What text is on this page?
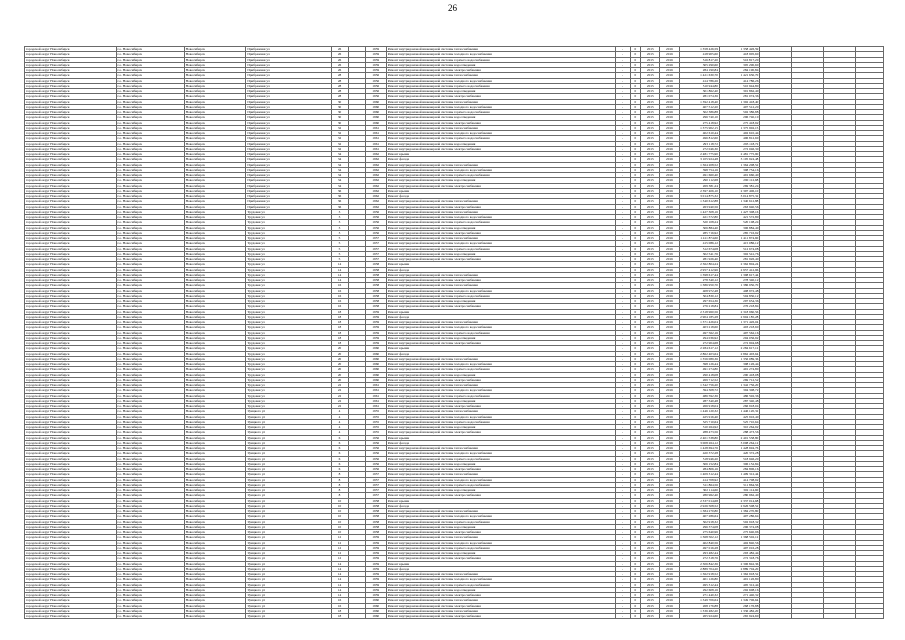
26
городской округ Новосибирск	г.о. Новосибирск	Новосибирск	Прибрежная ул	26		1959	Ремонт внутридомовой инженерной системы теплоснабжения	-	0	2015	2016	1 358 426,59	1 358 426,59				
городской округ Новосибирск	г.о. Новосибирск	Новосибирск	Прибрежная ул	26		1959	Ремонт внутридомовой инженерной системы холодного водоснабжения	-	0	2015	2016	418 905,60	418 905,60				
городской округ Новосибирск	г.о. Новосибирск	Новосибирск	Прибрежная ул	26		1959	Ремонт внутридомовой инженерной системы горячего водоснабжения	-	0	2015	2016	516 817,20	516 817,20				
городской округ Новосибирск	г.о. Новосибирск	Новосибирск	Прибрежная ул	26		1959	Ремонт внутридомовой инженерной системы водоотведения	-	0	2015	2016	305 290,60	305 290,60				
городской округ Новосибирск	г.о. Новосибирск	Новосибирск	Прибрежная ул	26		1959	Ремонт внутридомовой инженерной системы электроснабжения	-	0	2015	2016	284 190,84	284 190,84				
городской округ Новосибирск	г.о. Новосибирск	Новосибирск	Прибрежная ул	28		1956	Ремонт внутридомовой инженерной системы теплоснабжения	-	0	2015	2016	1 421 630,70	1 421 630,70				
городской округ Новосибирск	г.о. Новосибирск	Новосибирск	Прибрежная ул	28		1956	Ремонт внутридомовой инженерной системы холодного водоснабжения	-	0	2015	2016	414 786,26	414 786,26				
городской округ Новосибирск	г.о. Новосибирск	Новосибирск	Прибрежная ул	28		1956	Ремонт внутридомовой инженерной системы горячего водоснабжения	-	0	2015	2016	510 944,80	510 944,80				
городской округ Новосибирск	г.о. Новосибирск	Новосибирск	Прибрежная ул	28		1956	Ремонт внутридомовой инженерной системы водоотведения	-	0	2015	2016	301 862,40	301 862,40				
городской округ Новосибирск	г.о. Новосибирск	Новосибирск	Прибрежная ул	28		1956	Ремонт внутридомовой инженерной системы электроснабжения	-	0	2015	2016	281 074,36	281 074,36				
городской округ Новосибирск	г.о. Новосибирск	Новосибирск	Прибрежная ул	30		1960	Ремонт внутридомовой инженерной системы теплоснабжения	-	0	2015	2016	1 392 418,40	1 392 418,40				
городской округ Новосибирск	г.о. Новосибирск	Новосибирск	Прибрежная ул	30		1960	Ремонт внутридомовой инженерной системы холодного водоснабжения	-	0	2015	2016	407 512,20	407 512,20				
городской округ Новосибирск	г.о. Новосибирск	Новосибирск	Прибрежная ул	30		1960	Ремонт внутридомовой инженерной системы горячего водоснабжения	-	0	2015	2016	502 386,88	502 386,88				
городской округ Новосибирск	г.о. Новосибирск	Новосибирск	Прибрежная ул	30		1960	Ремонт внутридомовой инженерной системы водоотведения	-	0	2015	2016	296 740,10	296 740,10				
городской округ Новосибирск	г.о. Новосибирск	Новосибирск	Прибрежная ул	30		1960	Ремонт внутридомовой инженерной системы электроснабжения	-	0	2015	2016	275 418,92	275 418,92				
городской округ Новосибирск	г.о. Новосибирск	Новосибирск	Прибрежная ул	32		1961	Ремонт внутридомовой инженерной системы теплоснабжения	-	0	2015	2016	1 375 902,15	1 375 902,15				
городской округ Новосибирск	г.о. Новосибирск	Новосибирск	Прибрежная ул	32		1961	Ремонт внутридомовой инженерной системы холодного водоснабжения	-	0	2015	2016	402 610,44	402 610,44				
городской округ Новосибирск	г.о. Новосибирск	Новосибирск	Прибрежная ул	32		1961	Ремонт внутридомовой инженерной системы горячего водоснабжения	-	0	2015	2016	496 812,60	496 812,60				
городской округ Новосибирск	г.о. Новосибирск	Новосибирск	Прибрежная ул	32		1961	Ремонт внутридомовой инженерной системы водоотведения	-	0	2015	2016	293 118,72	293 118,72				
городской округ Новосибирск	г.о. Новосибирск	Новосибирск	Прибрежная ул	32		1961	Ремонт внутридомовой инженерной системы электроснабжения	-	0	2015	2016	272 046,30	272 046,30				
городской округ Новосибирск	г.о. Новосибирск	Новосибирск	Прибрежная ул	34		1962	Ремонт крыши	-	0	2015	2016	2 481 775,90	2 481 775,90				
городской округ Новосибирск	г.о. Новосибирск	Новосибирск	Прибрежная ул	34		1962	Ремонт фасада	-	0	2015	2016	3 105 924,48	3 105 924,48				
городской округ Новосибирск	г.о. Новосибирск	Новосибирск	Прибрежная ул	34		1962	Ремонт внутридомовой инженерной системы теплоснабжения	-	0	2015	2016	1 364 208,52	1 364 208,52				
городской округ Новосибирск	г.о. Новосибирск	Новосибирск	Прибрежная ул	34		1962	Ремонт внутридомовой инженерной системы холодного водоснабжения	-	0	2015	2016	398 754,16	398 754,16				
городской округ Новосибирск	г.о. Новосибирск	Новосибирск	Прибрежная ул	34		1962	Ремонт внутридомовой инженерной системы горячего водоснабжения	-	0	2015	2016	491 660,40	491 660,40				
городской округ Новосибирск	г.о. Новосибирск	Новосибирск	Прибрежная ул	34		1962	Ремонт внутридомовой инженерной системы водоотведения	-	0	2015	2016	290 112,68	290 112,68				
городской округ Новосибирск	г.о. Новосибирск	Новосибирск	Прибрежная ул	34		1962	Ремонт внутридомовой инженерной системы электроснабжения	-	0	2015	2016	269 381,24	269 381,24				
городской округ Новосибирск	г.о. Новосибирск	Новосибирск	Прибрежная ул	36		1962	Ремонт крыши	-	0	2015	2016	2 397 406,10	2 397 406,10				
городской округ Новосибирск	г.о. Новосибирск	Новосибирск	Прибрежная ул	36		1962	Ремонт фасада	-	0	2015	2016	3 014 875,32	3 014 875,32				
городской округ Новосибирск	г.о. Новосибирск	Новосибирск	Прибрежная ул	36		1962	Ремонт внутридомовой инженерной системы теплоснабжения	-	0	2015	2016	1 340 612,88	1 340 612,88				
городской округ Новосибирск	г.о. Новосибирск	Новосибирск	Прибрежная ул	36		1962	Ремонт внутридомовой инженерной системы электроснабжения	-	0	2015	2016	263 940,56	263 940,56				
городской округ Новосибирск	г.о. Новосибирск	Новосибирск	Трудовая ул	3		1956	Ремонт внутридомовой инженерной системы теплоснабжения	-	0	2015	2016	1 427 308,16	1 427 308,16				
городской округ Новосибирск	г.о. Новосибирск	Новосибирск	Трудовая ул	3		1956	Ремонт внутридомовой инженерной системы холодного водоснабжения	-	0	2015	2016	421 572,80	421 572,80				
городской округ Новосибирск	г.о. Новосибирск	Новосибирск	Трудовая ул	3		1956	Ремонт внутридомовой инженерной системы горячего водоснабжения	-	0	2015	2016	520 108,24	520 108,24				
городской округ Новосибирск	г.о. Новосибирск	Новосибирск	Трудовая ул	3		1956	Ремонт внутридомовой инженерной системы водоотведения	-	0	2015	2016	306 884,40	306 884,40				
городской округ Новосибирск	г.о. Новосибирск	Новосибирск	Трудовая ул	3		1956	Ремонт внутридомовой инженерной системы электроснабжения	-	0	2015	2016	285 716,92	285 716,92				
городской округ Новосибирск	г.о. Новосибирск	Новосибирск	Трудовая ул	5		1957	Ремонт внутридомовой инженерной системы теплоснабжения	-	0	2015	2016	1 411 874,60	1 411 874,60				
городской округ Новосибирск	г.о. Новосибирск	Новосибирск	Трудовая ул	5		1957	Ремонт внутридомовой инженерной системы холодного водоснабжения	-	0	2015	2016	415 086,12	415 086,12				
городской округ Новосибирск	г.о. Новосибирск	Новосибирск	Трудовая ул	5		1957	Ремонт внутридомовой инженерной системы горячего водоснабжения	-	0	2015	2016	512 674,08	512 674,08				
городской округ Новосибирск	г.о. Новосибирск	Новосибирск	Трудовая ул	5		1957	Ремонт внутридомовой инженерной системы водоотведения	-	0	2015	2016	302 541,76	302 541,76				
городской округ Новосибирск	г.о. Новосибирск	Новосибирск	Трудовая ул	5		1957	Ремонт внутридомовой инженерной системы электроснабжения	-	0	2015	2016	281 926,40	281 926,40				
городской округ Новосибирск	г.о. Новосибирск	Новосибирск	Трудовая ул	14		1958	Ремонт крыши	-	0	2015	2016	2 362 804,24	2 362 804,24				
городской округ Новосибирск	г.о. Новосибирск	Новосибирск	Трудовая ул	14		1958	Ремонт фасада	-	0	2015	2016	2 957 412,96	2 957 412,96				
городской округ Новосибирск	г.о. Новосибирск	Новосибирск	Трудовая ул	14		1958	Ремонт внутридомовой инженерной системы теплоснабжения	-	0	2015	2016	1 398 617,44	1 398 617,44				
городской округ Новосибирск	г.о. Новосибирск	Новосибирск	Трудовая ул	14		1958	Ремонт внутридомовой инженерной системы электроснабжения	-	0	2015	2016	278 340,12	278 340,12				
городской округ Новосибирск	г.о. Новосибирск	Новосибирск	Трудовая ул	16		1958	Ремонт внутридомовой инженерной системы теплоснабжения	-	0	2015	2016	1 386 950,70	1 386 950,70				
городской округ Новосибирск	г.о. Новосибирск	Новосибирск	Трудовая ул	16		1958	Ремонт внутридомовой инженерной системы холодного водоснабжения	-	0	2015	2016	408 972,48	408 972,48				
городской округ Новосибирск	г.о. Новосибирск	Новосибирск	Трудовая ул	16		1958	Ремонт внутридомовой инженерной системы горячего водоснабжения	-	0	2015	2016	504 830,12	504 830,12				
городской округ Новосибирск	г.о. Новосибирск	Новосибирск	Трудовая ул	16		1958	Ремонт внутридомовой инженерной системы водоотведения	-	0	2015	2016	297 654,36	297 654,36				
городской округ Новосибирск	г.о. Новосибирск	Новосибирск	Трудовая ул	16		1958	Ремонт внутридомовой инженерной системы электроснабжения	-	0	2015	2016	276 218,84	276 218,84				
городской округ Новосибирск	г.о. Новосибирск	Новосибирск	Трудовая ул	18		1959	Ремонт крыши	-	0	2015	2016	2 318 960,56	2 318 960,56				
городской округ Новосибирск	г.о. Новосибирск	Новосибирск	Трудовая ул	18		1959	Ремонт фасада	-	0	2015	2016	2 904 185,28	2 904 185,28				
городской округ Новосибирск	г.о. Новосибирск	Новосибирск	Трудовая ул	18		1959	Ремонт внутридомовой инженерной системы теплоснабжения	-	0	2015	2016	1 371 426,04	1 371 426,04				
городской округ Новосибирск	г.о. Новосибирск	Новосибирск	Трудовая ул	18		1959	Ремонт внутридомовой инженерной системы холодного водоснабжения	-	0	2015	2016	403 218,60	403 218,60				
городской округ Новосибирск	г.о. Новосибирск	Новосибирск	Трудовая ул	18		1959	Ремонт внутридомовой инженерной системы горячего водоснабжения	-	0	2015	2016	497 562,16	497 562,16				
городской округ Новосибирск	г.о. Новосибирск	Новосибирск	Трудовая ул	18		1959	Ремонт внутридомовой инженерной системы водоотведения	-	0	2015	2016	294 036,92	294 036,92				
городской округ Новосибирск	г.о. Новосибирск	Новосибирск	Трудовая ул	18		1959	Ремонт внутридомовой инженерной системы электроснабжения	-	0	2015	2016	272 904,68	272 904,68				
городской округ Новосибирск	г.о. Новосибирск	Новосибирск	Трудовая ул	20		1960	Ремонт крыши	-	0	2015	2016	2 284 617,12	2 284 617,12				
городской округ Новосибирск	г.о. Новосибирск	Новосибирск	Трудовая ул	20		1960	Ремонт фасада	-	0	2015	2016	2 862 403,64	2 862 403,64				
городской округ Новосибирск	г.о. Новосибирск	Новосибирск	Трудовая ул	20		1960	Ремонт внутридомовой инженерной системы теплоснабжения	-	0	2015	2016	1 356 089,36	1 356 089,36				
городской округ Новосибирск	г.о. Новосибирск	Новосибирск	Трудовая ул	20		1960	Ремонт внутридомовой инженерной системы холодного водоснабжения	-	0	2015	2016	398 126,44	398 126,44				
городской округ Новосибирск	г.о. Новосибирск	Новосибирск	Трудовая ул	20		1960	Ремонт внутридомовой инженерной системы горячего водоснабжения	-	0	2015	2016	491 274,80	491 274,80				
городской округ Новосибирск	г.о. Новосибирск	Новосибирск	Трудовая ул	20		1960	Ремонт внутридомовой инженерной системы водоотведения	-	0	2015	2016	290 418,08	290 418,08				
городской округ Новосибирск	г.о. Новосибирск	Новосибирск	Трудовая ул	20		1960	Ремонт внутридомовой инженерной системы электроснабжения	-	0	2015	2016	269 712,52	269 712,52				
городской округ Новосибирск	г.о. Новосибирск	Новосибирск	Трудовая ул	22		1961	Ремонт внутридомовой инженерной системы теплоснабжения	-	0	2015	2016	1 342 756,20	1 342 756,20				
городской округ Новосибирск	г.о. Новосибирск	Новосибирск	Трудовая ул	22		1961	Ремонт внутридомовой инженерной системы холодного водоснабжения	-	0	2015	2016	394 308,72	394 308,72				
городской округ Новосибирск	г.о. Новосибирск	Новосибирск	Трудовая ул	22		1961	Ремонт внутридомовой инженерной системы горячего водоснабжения	-	0	2015	2016	486 592,36	486 592,36				
городской округ Новосибирск	г.о. Новосибирск	Новосибирск	Трудовая ул	22		1961	Ремонт внутридомовой инженерной системы водоотведения	-	0	2015	2016	287 340,48	287 340,48				
городской округ Новосибирск	г.о. Новосибирск	Новосибирск	Трудовая ул	22		1961	Ремонт внутридомовой инженерной системы электроснабжения	-	0	2015	2016	266 918,04	266 918,04				
городской округ Новосибирск	г.о. Новосибирск	Новосибирск	Урицкого ул	4		1955	Ремонт внутридомовой инженерной системы теплоснабжения	-	0	2015	2016	1 446 120,32	1 446 120,32				
городской округ Новосибирск	г.о. Новосибирск	Новосибирск	Урицкого ул	4		1955	Ремонт внутридомовой инженерной системы холодного водоснабжения	-	0	2015	2016	425 916,40	425 916,40				
городской округ Новосибирск	г.о. Новосибирск	Новосибирск	Урицкого ул	4		1955	Ремонт внутридомовой инженерной системы горячего водоснабжения	-	0	2015	2016	525 710,64	525 710,64				
городской округ Новосибирск	г.о. Новосибирск	Новосибирск	Урицкого ул	4		1955	Ремонт внутридомовой инженерной системы водоотведения	-	0	2015	2016	310 264,92	310 264,92				
городской округ Новосибирск	г.о. Новосибирск	Новосибирск	Урицкого ул	4		1955	Ремонт внутридомовой инженерной системы электроснабжения	-	0	2015	2016	288 473,56	288 473,56				
городской округ Новосибирск	г.о. Новосибирск	Новосибирск	Урицкого ул	6		1956	Ремонт крыши	-	0	2015	2016	2 401 538,80	2 401 538,80				
городской округ Новосибирск	г.о. Новосибирск	Новосибирск	Урицкого ул	6		1956	Ремонт фасада	-	0	2015	2016	3 008 264,12	3 008 264,12				
городской округ Новосибирск	г.о. Новосибирск	Новосибирск	Урицкого ул	6		1956	Ремонт внутридомовой инженерной системы теплоснабжения	-	0	2015	2016	1 428 694,76	1 428 694,76				
городской округ Новосибирск	г.о. Новосибирск	Новосибирск	Урицкого ул	6		1956	Ремонт внутридомовой инженерной системы холодного водоснабжения	-	0	2015	2016	420 372,28	420 372,28				
городской округ Новосибирск	г.о. Новосибирск	Новосибирск	Урицкого ул	6		1956	Ремонт внутридомовой инженерной системы горячего водоснабжения	-	0	2015	2016	518 946,20	518 946,20				
городской округ Новосибирск	г.о. Новосибирск	Новосибирск	Урицкого ул	6		1956	Ремонт внутридомовой инженерной системы водоотведения	-	0	2015	2016	306 152,84	306 152,84				
городской округ Новосибирск	г.о. Новосибирск	Новосибирск	Урицкого ул	6		1956	Ремонт внутридомовой инженерной системы электроснабжения	-	0	2015	2016	284 806,16	284 806,16				
городской округ Новосибирск	г.о. Новосибирск	Новосибирск	Урицкого ул	8		1957	Ремонт внутридомовой инженерной системы теплоснабжения	-	0	2015	2016	1 409 312,44	1 409 312,44				
городской округ Новосибирск	г.о. Новосибирск	Новосибирск	Урицкого ул	8		1957	Ремонт внутридомовой инженерной системы холодного водоснабжения	-	0	2015	2016	414 708,92	414 708,92				
городской округ Новосибирск	г.о. Новосибирск	Новосибирск	Урицкого ул	8		1957	Ремонт внутридомовой инженерной системы горячего водоснабжения	-	0	2015	2016	511 864,56	511 864,56				
городской округ Новосибирск	г.о. Новосибирск	Новосибирск	Урицкого ул	8		1957	Ремонт внутридомовой инженерной системы водоотведения	-	0	2015	2016	302 114,60	302 114,60				
городской округ Новосибирск	г.о. Новосибирск	Новосибирск	Урицкого ул	8		1957	Ремонт внутридомовой инженерной системы электроснабжения	-	0	2015	2016	280 962,40	280 962,40				
городской округ Новосибирск	г.о. Новосибирск	Новосибирск	Урицкого ул	10		1958	Ремонт крыши	-	0	2015	2016	2 337 014,68	2 337 014,68				
городской округ Новосибирск	г.о. Новосибирск	Новосибирск	Урицкого ул	10		1958	Ремонт фасада	-	0	2015	2016	2 926 508,52	2 926 508,52				
городской округ Новосибирск	г.о. Новосибирск	Новосибирск	Урицкого ул	10		1958	Ремонт внутридомовой инженерной системы теплоснабжения	-	0	2015	2016	1 384 270,80	1 384 270,80				
городской округ Новосибирск	г.о. Новосибирск	Новосибирск	Урицкого ул	10		1958	Ремонт внутридомовой инженерной системы холодного водоснабжения	-	0	2015	2016	407 286,64	407 286,64				
городской округ Новосибирск	г.о. Новосибирск	Новосибирск	Урицкого ул	10		1958	Ремонт внутридомовой инженерной системы горячего водоснабжения	-	0	2015	2016	502 918,32	502 918,32				
городской округ Новосибирск	г.о. Новосибирск	Новосибирск	Урицкого ул	10		1958	Ремонт внутридомовой инженерной системы водоотведения	-	0	2015	2016	296 374,08	296 374,08				
городской округ Новосибирск	г.о. Новосибирск	Новосибирск	Урицкого ул	10		1958	Ремонт внутридомовой инженерной системы электроснабжения	-	0	2015	2016	275 640,96	275 640,96				
городской округ Новосибирск	г.о. Новосибирск	Новосибирск	Урицкого ул	12		1959	Ремонт внутридомовой инженерной системы теплоснабжения	-	0	2015	2016	1 368 502,12	1 368 502,12				
городской округ Новосибирск	г.о. Новосибирск	Новосибирск	Урицкого ул	12		1959	Ремонт внутридомовой инженерной системы холодного водоснабжения	-	0	2015	2016	402 840,56	402 840,56				
городской округ Новосибирск	г.о. Новосибирск	Новосибирск	Урицкого ул	12		1959	Ремонт внутридомовой инженерной системы горячего водоснабжения	-	0	2015	2016	497 016,28	497 016,28				
городской округ Новосибирск	г.о. Новосибирск	Новосибирск	Урицкого ул	12		1959	Ремонт внутридомовой инженерной системы водоотведения	-	0	2015	2016	293 482,44	293 482,44				
городской округ Новосибирск	г.о. Новосибирск	Новосибирск	Урицкого ул	12		1959	Ремонт внутридомовой инженерной системы электроснабжения	-	0	2015	2016	272 318,76	272 318,76				
городской округ Новосибирск	г.о. Новосибирск	Новосибирск	Урицкого ул	14		1959	Ремонт крыши	-	0	2015	2016	2 306 842,36	2 306 842,36				
городской округ Новосибирск	г.о. Новосибирск	Новосибирск	Урицкого ул	14		1959	Ремонт фасада	-	0	2015	2016	2 889 704,20	2 889 704,20				
городской округ Новосибирск	г.о. Новосибирск	Новосибирск	Урицкого ул	14		1959	Ремонт внутридомовой инженерной системы теплоснабжения	-	0	2015	2016	1 362 918,52	1 362 918,52				
городской округ Новосибирск	г.о. Новосибирск	Новосибирск	Урицкого ул	14		1959	Ремонт внутридомовой инженерной системы холодного водоснабжения	-	0	2015	2016	401 126,80	401 126,80				
городской округ Новосибирск	г.о. Новосибирск	Новосибирск	Урицкого ул	14		1959	Ремонт внутридомовой инженерной системы горячего водоснабжения	-	0	2015	2016	495 312,44	495 312,44				
городской округ Новосибирск	г.о. Новосибирск	Новосибирск	Урицкого ул	14		1959	Ремонт внутридомовой инженерной системы водоотведения	-	0	2015	2016	292 608,16	292 608,16				
городской округ Новосибирск	г.о. Новосибирск	Новосибирск	Урицкого ул	14		1959	Ремонт внутридомовой инженерной системы электроснабжения	-	0	2015	2016	271 440,32	271 440,32				
городской округ Новосибирск	г.о. Новосибирск	Новосибирск	Урицкого ул	16		1960	Ремонт внутридомовой инженерной системы теплоснабжения	-	0	2015	2016	1 349 706,64	1 349 706,64				
городской округ Новосибирск	г.о. Новосибирск	Новосибирск	Урицкого ул	16		1960	Ремонт внутридомовой инженерной системы электроснабжения	-	0	2015	2016	268 176,88	268 176,88				
городской округ Новосибирск	г.о. Новосибирск	Новосибирск	Урицкого ул	18		1960	Ремонт внутридомовой инженерной системы теплоснабжения	-	0	2015	2016	1 336 482,20	1 336 482,20				
городской округ Новосибирск	г.о. Новосибирск	Новосибирск	Урицкого ул	18		1960	Ремонт внутридомовой инженерной системы электроснабжения	-	0	2015	2016	265 924,60	265 924,60				
